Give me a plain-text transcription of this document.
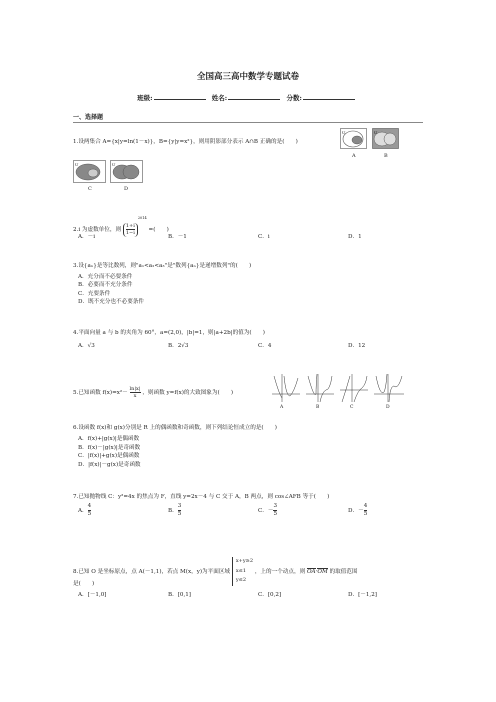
全国高三高中数学专题试卷
班级:	姓名:	分数:
一、选择题
1.设两集合 A={x|y=ln(1－x)}，B={y|y=x²}，则用阴影部分表示 A∩B 正确的是(　　)
U	U
A	B
U	U
C	D
2.i 为虚数单位，则 $\frac{1+i}{1-i}$
$^{2014}$ =(　　)
A．－i	B．－1	C．i	D．1
3.设{aₙ}是等比数列，则"a₁<a₂<a₃"是"数列{aₙ}是递增数列"的(　　)
A．充分而不必要条件
B．必要而不充分条件
C．充要条件
D．既不充分也不必要条件
4.平面向量 a 与 b 的夹角为 60°，a=(2,0)，|b|=1，则|a+2b|的值为(　　)
A．√3	B．2√3	C．4	D．12
5.已知函数 $f(x)=x^2- \frac{\ln|x|}{x}$ ，则函数 y=f(x)的大致图象为(　　)
A	B	C	D
6.设函数 f(x)和 g(x)分别是 R 上的偶函数和奇函数，则下列结论恒成立的是(　　)
A．f(x)+|g(x)|是偶函数
B．f(x)－|g(x)|是奇函数
C．|f(x)|+g(x)是偶函数
D．|f(x)|－g(x)是奇函数
7.已知抛物线 C：y²=4x 的焦点为 F，直线 y=2x－4 与 C 交于 A，B 两点，则 cos∠AFB 等于(　　)
A． $\frac{4}{5}$	B． $\frac{3}{5}$	C．－ $\frac{3}{5}$	D．－ $\frac{4}{5}$
8.已知 O 是坐标原点，点 A(－1,1)，若点 M(x，y)为平面区域
x+y≥2
x≤1
y≤2
，上的一个动点，则 OA·OM 的取值范围
是(　　)
A．[－1,0]	B．[0,1]	C．[0,2]	D．[－1,2]
